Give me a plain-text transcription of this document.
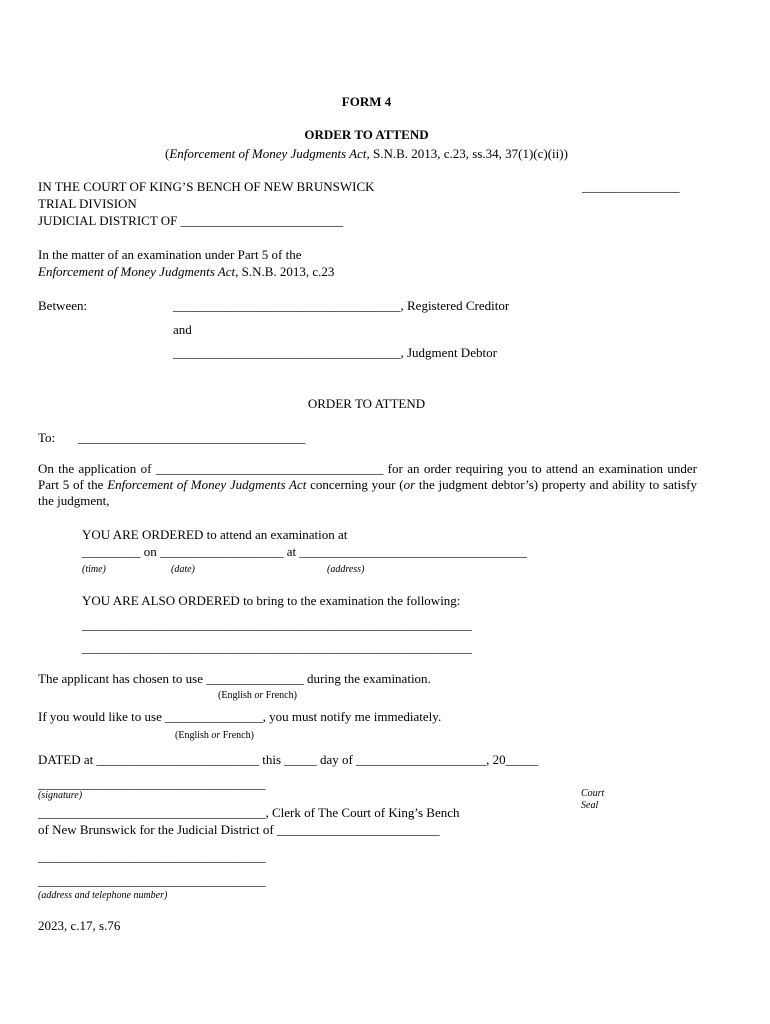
FORM 4
ORDER TO ATTEND
(Enforcement of Money Judgments Act, S.N.B. 2013, c.23, ss.34, 37(1)(c)(ii))
IN THE COURT OF KING’S BENCH OF NEW BRUNSWICK	_______________
TRIAL DIVISION
JUDICIAL DISTRICT OF _________________________
In the matter of an examination under Part 5 of the
Enforcement of Money Judgments Act, S.N.B. 2013, c.23
Between:	___________________________________, Registered Creditor
and
___________________________________, Judgment Debtor
ORDER TO ATTEND
To: ___________________________________
On the application of ___________________________________ for an order requiring you to attend an examination under Part 5 of the Enforcement of Money Judgments Act concerning your (or the judgment debtor’s) property and ability to satisfy the judgment,
YOU ARE ORDERED to attend an examination at
_________ on ___________________ at ___________________________________
(time)	(date)	(address)
YOU ARE ALSO ORDERED to bring to the examination the following:
____________________________________________________________
____________________________________________________________
The applicant has chosen to use _______________ during the examination.
(English or French)
If you would like to use _______________, you must notify me immediately.
(English or French)
DATED at _________________________ this _____ day of ____________________, 20_____
___________________________________
(signature)	Court
Seal
___________________________________, Clerk of The Court of King’s Bench
of New Brunswick for the Judicial District of _________________________
___________________________________
___________________________________
(address and telephone number)
2023, c.17, s.76
